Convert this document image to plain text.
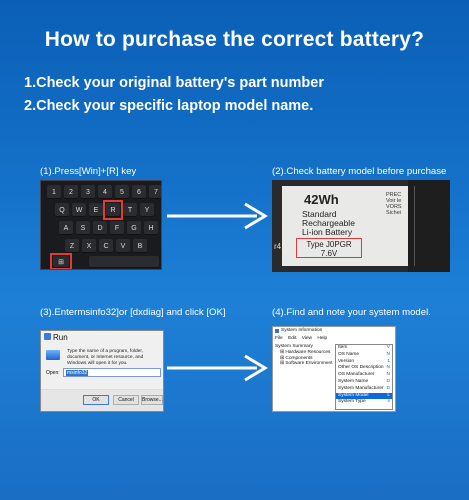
How to purchase the correct battery?
1.Check your original battery's part number
2.Check your specific laptop model name.
(1).Press[Win]+[R] key
1	2	3	4	5	6	7
Q	W	E	R	T	Y
A	S	D	F	G	H
Z	X	C	V	B
⊞
(2).Check battery model before purchase
42Wh
Standard
Rechargeable
Li-ion Battery
Type J0PGR
7.6V
PREC
Voir le
VORS
Sichei
r4
(3).Entermsinfo32]or [dxdiag] and click [OK]
Run
Type the name of a program, folder, document, or Internet resource, and Windows will open it for you.
Open: msinfo32
OK	Cancel	Browse...
(4).Find and note your system model.
System Information
File Edit View Help
System Summary
⊞ Hardware Resources
⊞ Components
⊞ Software Environment
Item	V
OS Name	N
Version	1
Other OS Description N
OS Manufacturer	N
System Name	D
System Manufacturer D
System Model	L
System Type	x
